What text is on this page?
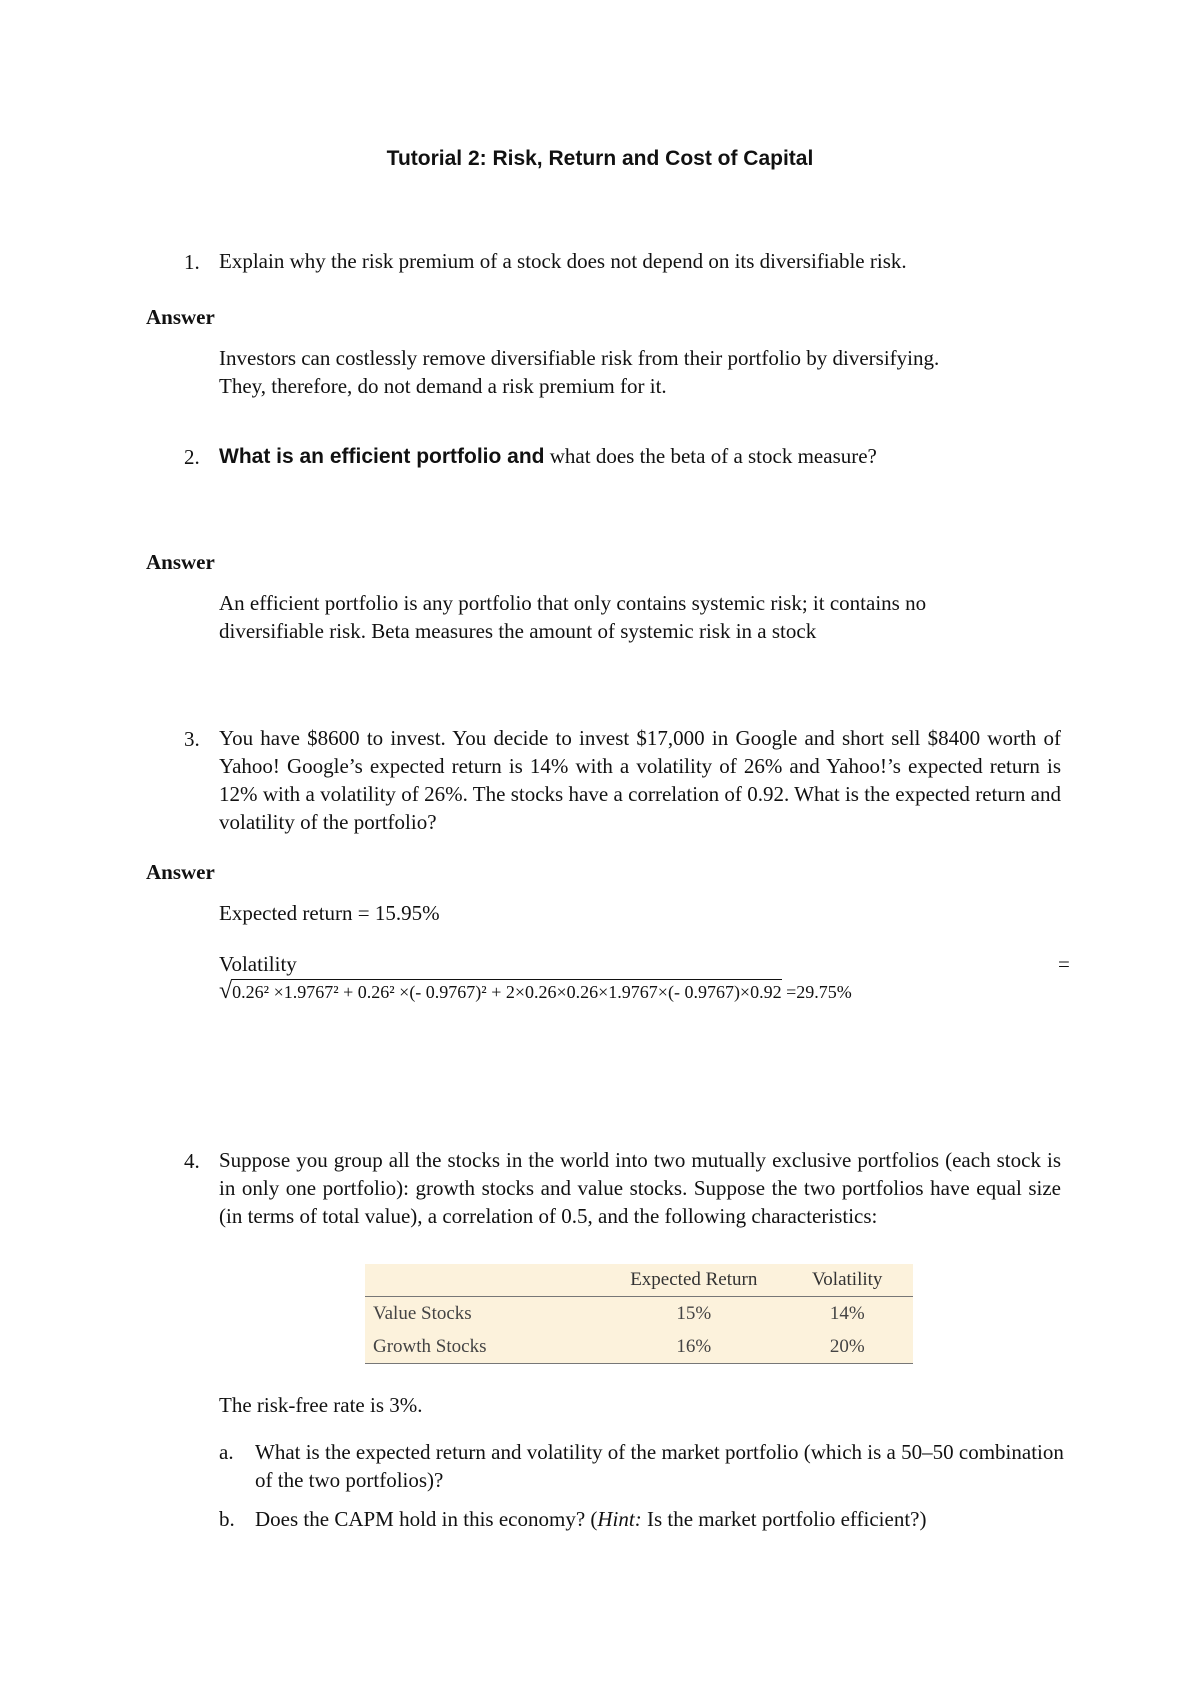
Tutorial 2: Risk, Return and Cost of Capital
1. Explain why the risk premium of a stock does not depend on its diversifiable risk.
Answer
Investors can costlessly remove diversifiable risk from their portfolio by diversifying.
They, therefore, do not demand a risk premium for it.
2. What is an efficient portfolio and what does the beta of a stock measure?
Answer
An efficient portfolio is any portfolio that only contains systemic risk; it contains no
diversifiable risk. Beta measures the amount of systemic risk in a stock
3. You have $8600 to invest. You decide to invest $17,000 in Google and short sell $8400 worth of Yahoo! Google’s expected return is 14% with a volatility of 26% and Yahoo!’s expected return is 12% with a volatility of 26%. The stocks have a correlation of 0.92. What is the expected return and volatility of the portfolio?
Answer
Expected return = 15.95%
Volatility	=
√0.26² ×1.9767² + 0.26² ×(- 0.9767)² + 2×0.26×0.26×1.9767×(- 0.9767)×0.92 =29.75%
4. Suppose you group all the stocks in the world into two mutually exclusive portfolios (each stock is in only one portfolio): growth stocks and value stocks. Suppose the two portfolios have equal size (in terms of total value), a correlation of 0.5, and the following characteristics:
	Expected Return	Volatility
Value Stocks	15%	14%
Growth Stocks	16%	20%
The risk-free rate is 3%.
a. What is the expected return and volatility of the market portfolio (which is a 50–50 combination of the two portfolios)?
b. Does the CAPM hold in this economy? (Hint: Is the market portfolio efficient?)
